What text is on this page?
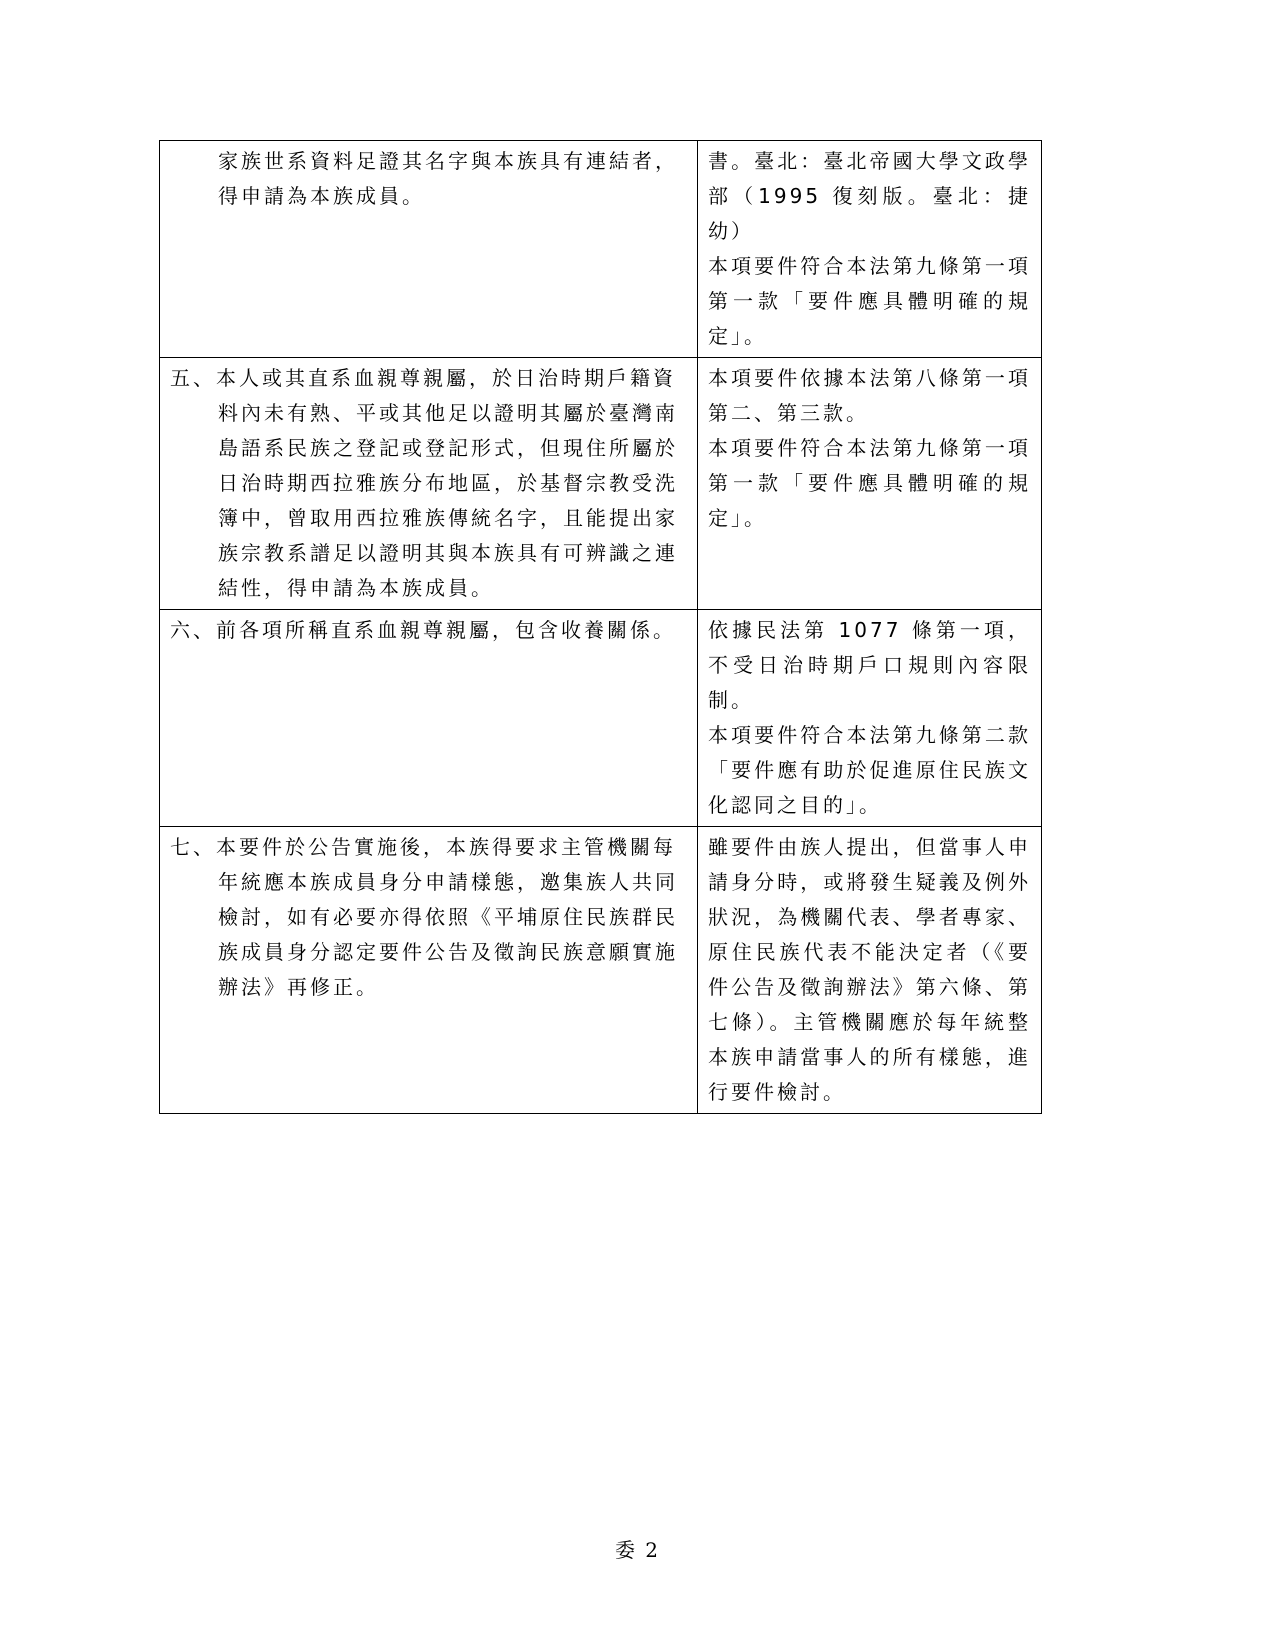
家族世系資料足證其名字與本族具有連結者，得申請為本族成員。	書。臺北：臺北帝國大學文政學部（1995 復刻版。臺北：捷幼）

本項要件符合本法第九條第一項第一款「要件應具體明確的規定」。

五、本人或其直系血親尊親屬，於日治時期戶籍資料內未有熟、平或其他足以證明其屬於臺灣南島語系民族之登記或登記形式，但現住所屬於日治時期西拉雅族分布地區，於基督宗教受洗簿中，曾取用西拉雅族傳統名字，且能提出家族宗教系譜足以證明其與本族具有可辨識之連結性，得申請為本族成員。	本項要件依據本法第八條第一項第二、第三款。

本項要件符合本法第九條第一項第一款「要件應具體明確的規定」。

六、前各項所稱直系血親尊親屬，包含收養關係。	依據民法第 1077 條第一項，不受日治時期戶口規則內容限制。

本項要件符合本法第九條第二款「要件應有助於促進原住民族文化認同之目的」。

七、本要件於公告實施後，本族得要求主管機關每年統應本族成員身分申請樣態，邀集族人共同檢討，如有必要亦得依照《平埔原住民族群民族成員身分認定要件公告及徵詢民族意願實施辦法》再修正。	雖要件由族人提出，但當事人申請身分時，或將發生疑義及例外狀況，為機關代表、學者專家、原住民族代表不能決定者（《要件公告及徵詢辦法》第六條、第七條）。主管機關應於每年統整本族申請當事人的所有樣態，進行要件檢討。

委 2
